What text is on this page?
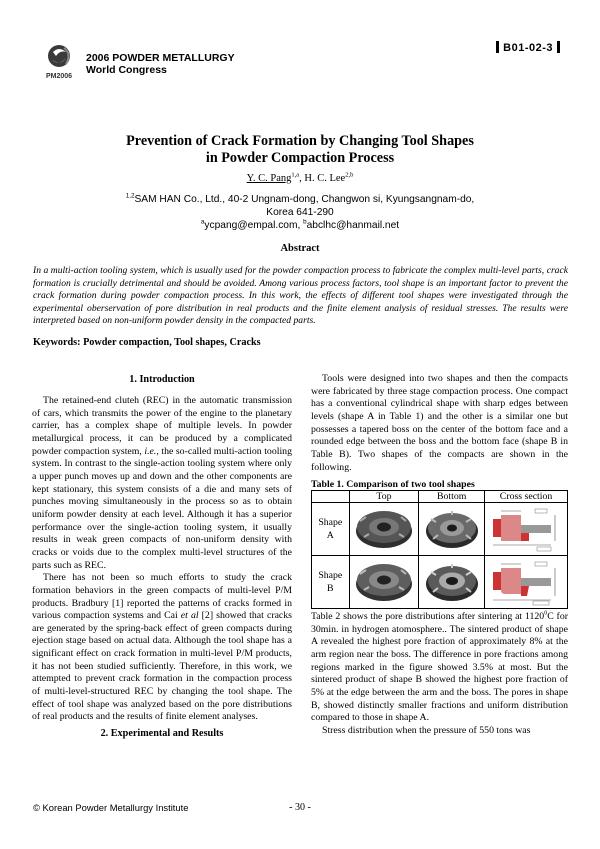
PM2006
2006 POWDER METALLURGY
World Congress
B01-02-3
Prevention of Crack Formation by Changing Tool Shapes
in Powder Compaction Process
Y. C. Pang$^{1,a}$, H. C. Lee$^{2,b}$
$^{1,2}$SAM HAN Co., Ltd., 40-2 Ungnam-dong, Changwon si, Kyungsangnam-do,
Korea 641-290
$^a$ycpang@empal.com, $^b$abclhc@hanmail.net
Abstract
In a multi-action tooling system, which is usually used for the powder compaction process to fabricate the complex multi-level parts, crack formation is crucially detrimental and should be avoided. Among various process factors, tool shape is an important factor to prevent the crack formation during powder compaction process. In this work, the effects of different tool shapes were investigated through the experimental oberservation of pore distribution in real products and the finite element analysis of residual stresses. The results were interpreted based on non-uniform powder density in the compacted parts.
Keywords: Powder compaction, Tool shapes, Cracks
1. Introduction

The retained-end cluteh (REC) in the automatic transmission of cars, which transmits the power of the engine to the planetary carrier, has a complex shape of multiple levels. In powder metallurgical process, it can be produced by a complicated powder compaction system, i.e., the so-called multi-action tooling system. In contrast to the single-action tooling system where only a upper punch moves up and down and the other components are kept stationary, this system consists of a die and many sets of punches moving simultaneously in the process so as to obtain uniform powder density at each level. Although it has a superior performance over the single-action tooling system, it usually results in weak green compacts of non-uniform density with cracks or voids due to the complex multi-level structures of the parts such as REC.

There has not been so much efforts to study the crack formation behaviors in the green compacts of multi-level P/M products. Bradbury [1] reported the patterns of cracks formed in various compaction systems and Cai et al [2] showed that cracks are generated by the spring-back effect of green compacts during ejection stage based on actual data. Although the tool shape has a significant effect on crack formation in multi-level P/M products, it has not been studied sufficiently. Therefore, in this work, we attempted to prevent crack formation in the compaction process of multi-level-structured REC by changing the tool shape. The effect of tool shape was analyzed based on the pore distributions of real products and the results of finite element analyses.

2. Experimental and Results

Tools were designed into two shapes and then the compacts were fabricated by three stage compaction process. One compact has a conventional cylindrical shape with sharp edges between levels (shape A in Table 1) and the other is a similar one but possesses a tapered boss on the center of the bottom face and a rounded edge between the boss and the bottom face (shape B in Table B). Two shapes of the compacts are shown in the following.

Table 1. Comparison of two tool shapes
	Top	Bottom	Cross section

Shape
A

Shape
B

Table 2 shows the pore distributions after sintering at 1120$^0$C for 30min. in hydrogen atomosphere.. The sintered product of shape A revealed the highest pore fraction of approximately 8% at the arm region near the boss. The difference in pore fractions among regions marked in the figure showed 3.5% at most. But the sintered product of shape B showed the highest pore fraction of 5% at the edge between the arm and the boss. The pores in shape B, showed distinctly smaller fractions and uniform distribution compared to those in shape A.

Stress distribution when the pressure of 550 tons was

© Korean Powder Metallurgy Institute	- 30 -
